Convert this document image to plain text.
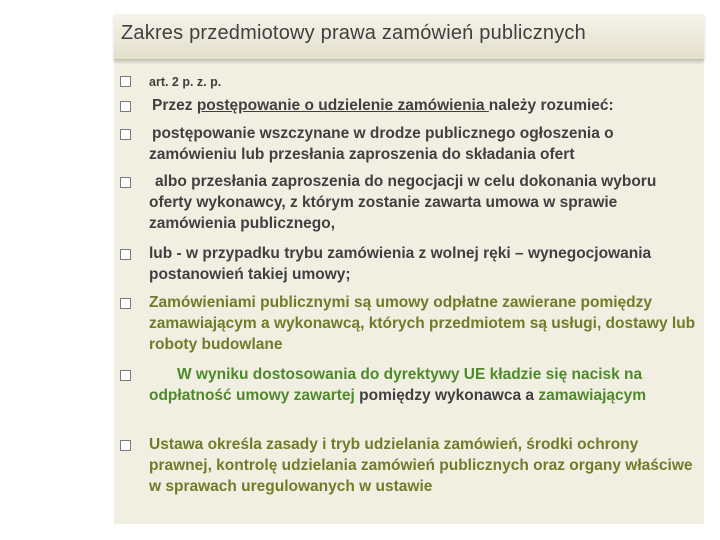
Zakres przedmiotowy prawa zamówień publicznych
art. 2 p. z. p.
Przez postępowanie o udzielenie zamówienia należy rozumieć:
postępowanie wszczynane w drodze publicznego ogłoszenia o zamówieniu lub przesłania zaproszenia do składania ofert
albo przesłania zaproszenia do negocjacji w celu dokonania wyboru oferty wykonawcy, z którym zostanie zawarta umowa w sprawie zamówienia publicznego,
lub - w przypadku trybu zamówienia z wolnej ręki – wynegocjowania postanowień takiej umowy;
Zamówieniami publicznymi są umowy odpłatne zawierane pomiędzy zamawiającym a wykonawcą, których przedmiotem są usługi, dostawy lub roboty budowlane
W wyniku dostosowania do dyrektywy UE kładzie się nacisk na odpłatność umowy zawartej pomiędzy wykonawca a zamawiającym
Ustawa określa zasady i tryb udzielania zamówień, środki ochrony prawnej, kontrolę udzielania zamówień publicznych oraz organy właściwe w sprawach uregulowanych w ustawie
